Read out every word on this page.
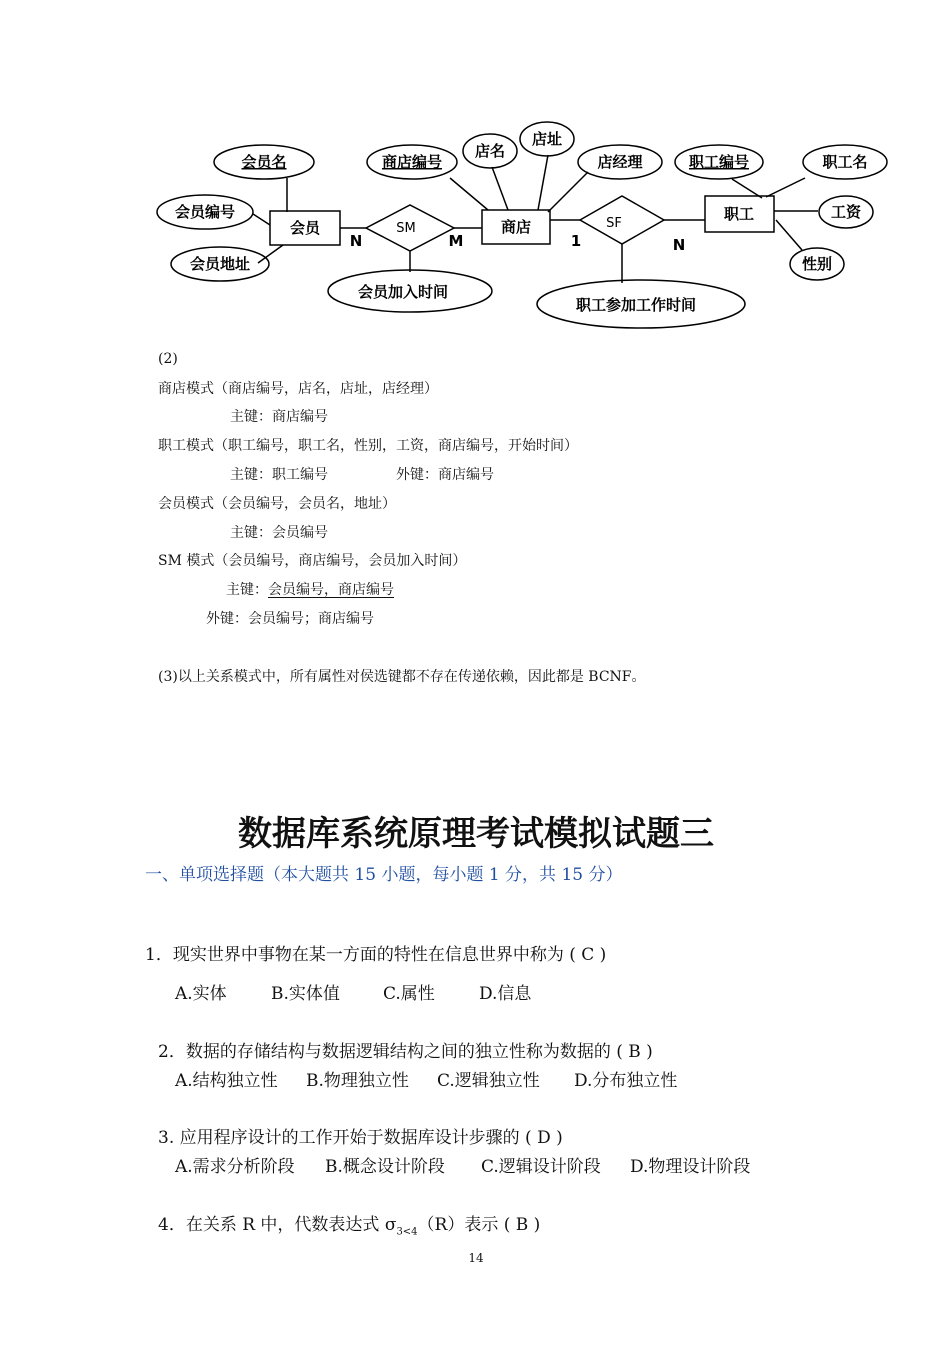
会员	商店
职工
会员名
会员编号
会员地址
商店编号
店名
店址
店经理	职工编号	职工名
工资
性别
会员加入时间
职工参加工作时间
SM	SF
N	M	1	N
(2)
商店模式（商店编号，店名，店址，店经理）
主键：商店编号
职工模式（职工编号，职工名，性别，工资，商店编号，开始时间）
主键：职工编号	外键：商店编号
会员模式（会员编号，会员名，地址）
主键：会员编号
SM 模式（会员编号，商店编号，会员加入时间）
主键：会员编号，商店编号
外键：会员编号；商店编号
(3)以上关系模式中，所有属性对侯选键都不存在传递依赖，因此都是 BCNF。
数据库系统原理考试模拟试题三
一、单项选择题（本大题共 15 小题，每小题 1 分，共 15 分）
1．现实世界中事物在某一方面的特性在信息世界中称为 ( C )
A.实体	B.实体值	C.属性	D.信息
2．数据的存储结构与数据逻辑结构之间的独立性称为数据的 ( B )
A.结构独立性 B.物理独立性 C.逻辑独立性 D.分布独立性
3. 应用程序设计的工作开始于数据库设计步骤的 ( D )
A.需求分析阶段 B.概念设计阶段 C.逻辑设计阶段 D.物理设计阶段
4．在关系 R 中，代数表达式 $\sigma_{3<4}(R)$表示 ( B )
14
